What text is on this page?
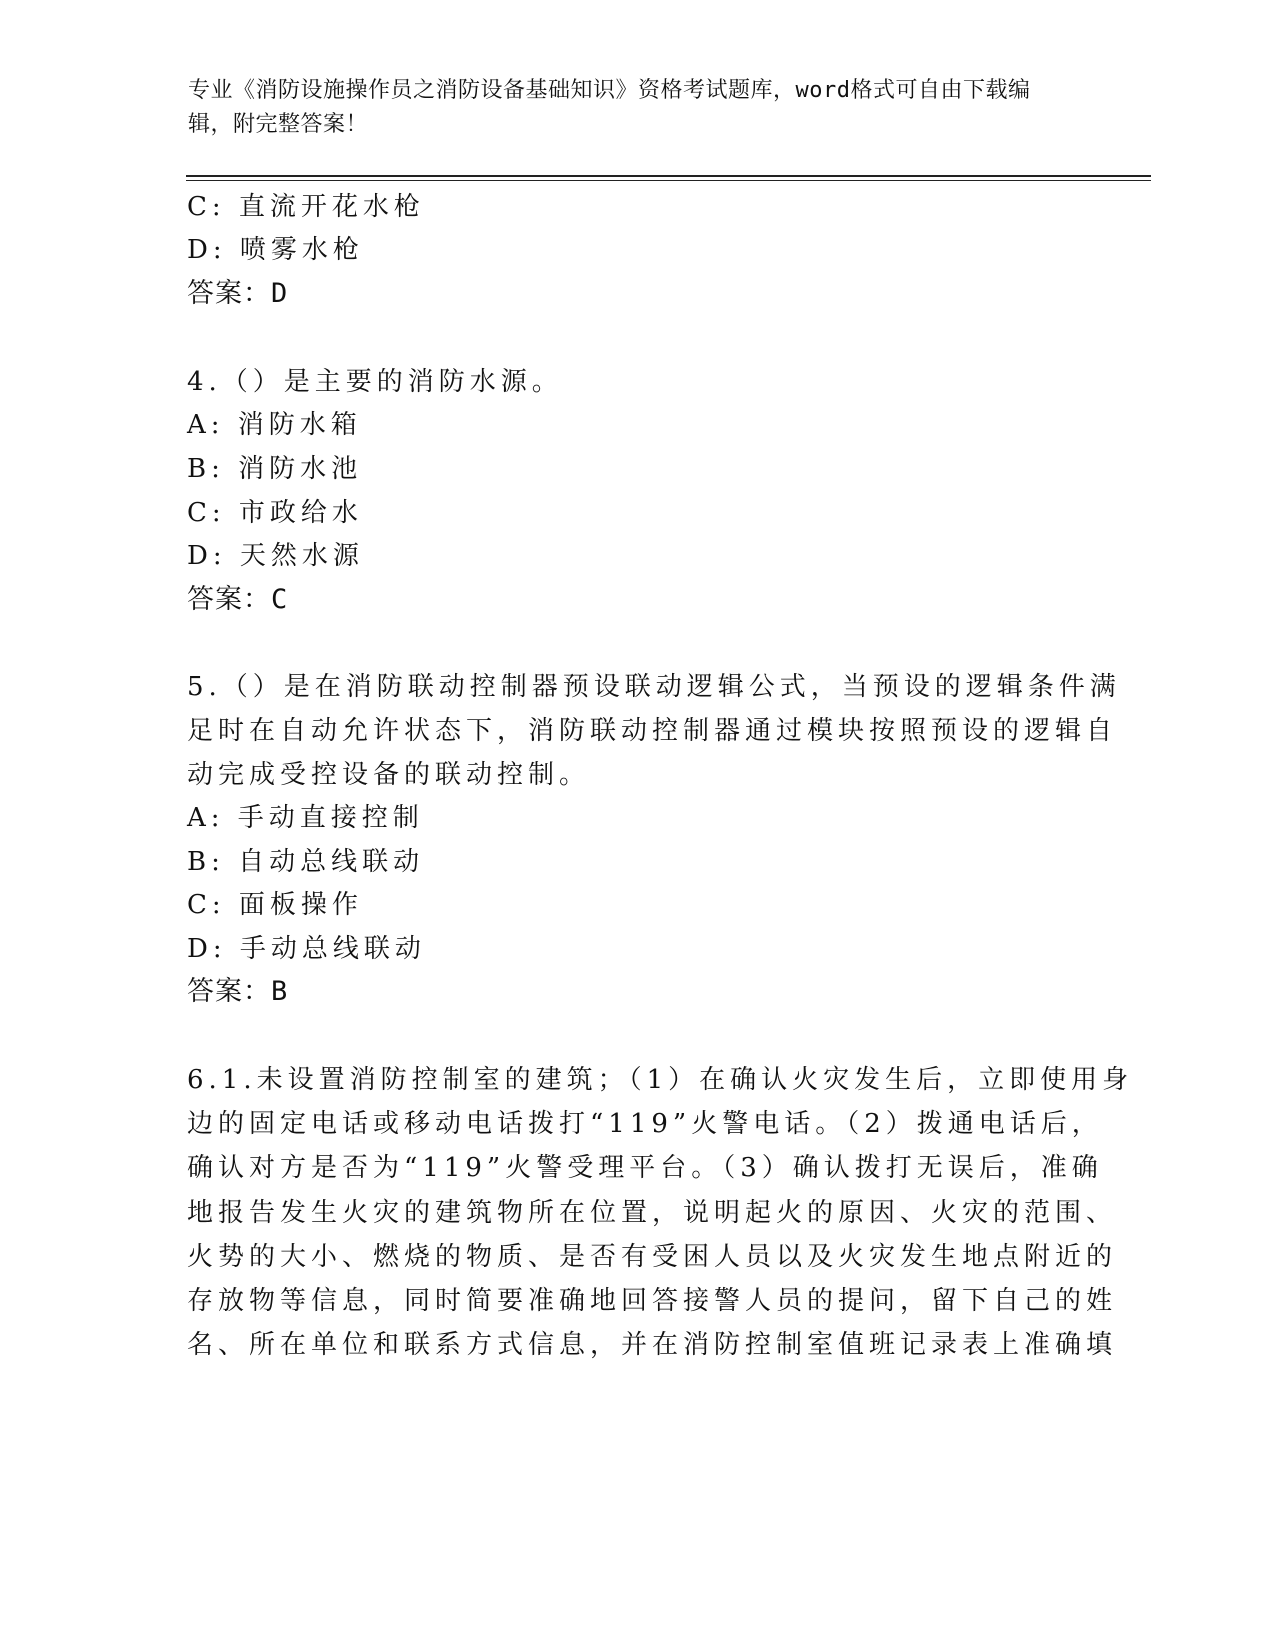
专业《消防设施操作员之消防设备基础知识》资格考试题库，word格式可自由下载编辑，附完整答案！
C: 直流开花水枪
D: 喷雾水枪
答案：D
4.（）是主要的消防水源。
A: 消防水箱
B: 消防水池
C: 市政给水
D: 天然水源
答案：C
5.（）是在消防联动控制器预设联动逻辑公式，当预设的逻辑条件满
足时在自动允许状态下，消防联动控制器通过模块按照预设的逻辑自
动完成受控设备的联动控制。
A: 手动直接控制
B: 自动总线联动
C: 面板操作
D: 手动总线联动
答案：B
6.1.未设置消防控制室的建筑；（1）在确认火灾发生后，立即使用身
边的固定电话或移动电话拨打“119”火警电话。（2）拨通电话后，
确认对方是否为“119”火警受理平台。（3）确认拨打无误后，准确
地报告发生火灾的建筑物所在位置，说明起火的原因、火灾的范围、
火势的大小、燃烧的物质、是否有受困人员以及火灾发生地点附近的
存放物等信息，同时简要准确地回答接警人员的提问，留下自己的姓
名、所在单位和联系方式信息，并在消防控制室值班记录表上准确填
